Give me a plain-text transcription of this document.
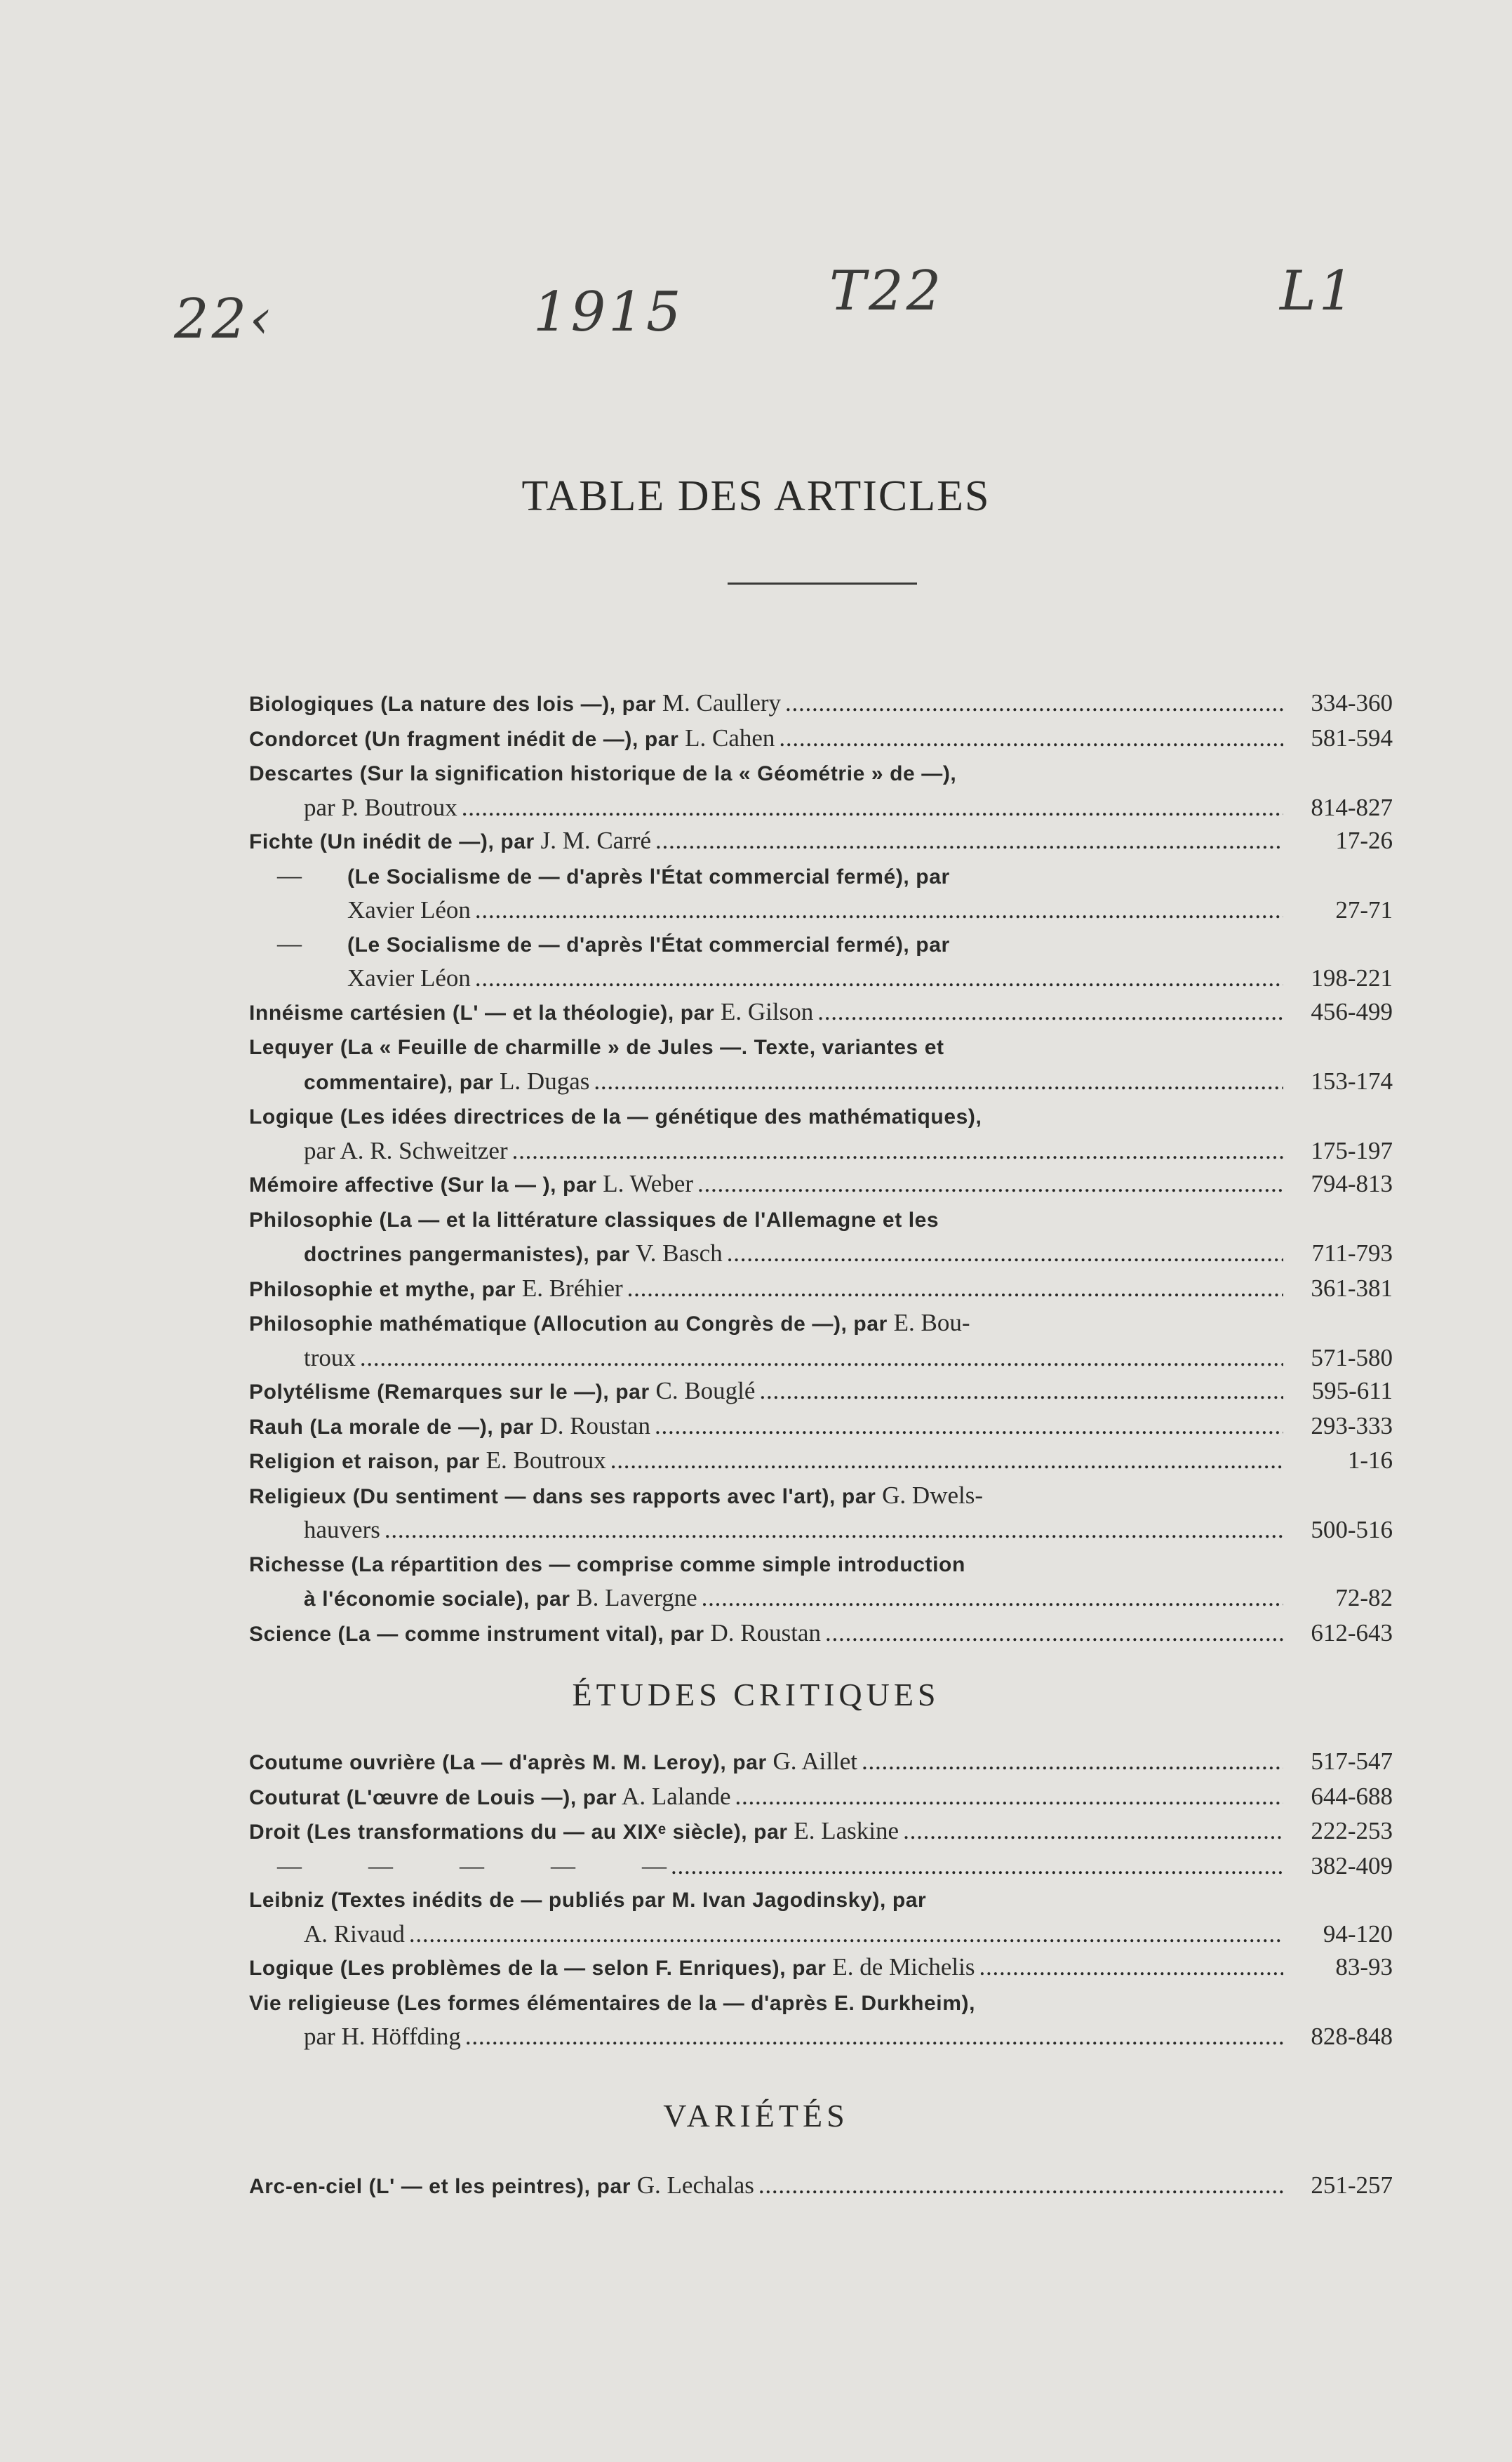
22‹	1915	T22	L1
TABLE DES ARTICLES
Biologiques (La nature des lois —), par M. Caullery . . .	334-360
Condorcet (Un fragment inédit de —), par L. Cahen . . .	581-594
Descartes (Sur la signification historique de la « Géométrie » de —),
par P. Boutroux . . .	814-827
Fichte (Un inédit de —), par J. M. Carré . . .	17-26
— (Le Socialisme de — d'après l'État commercial fermé), par
Xavier Léon . . .	27-71
— (Le Socialisme de — d'après l'État commercial fermé), par
Xavier Léon . . .	198-221
Innéisme cartésien (L' — et la théologie), par E. Gilson . . .	456-499
Lequyer (La « Feuille de charmille » de Jules —. Texte, variantes et
commentaire), par L. Dugas . . .	153-174
Logique (Les idées directrices de la — génétique des mathématiques),
par A. R. Schweitzer . . .	175-197
Mémoire affective (Sur la — ), par L. Weber . . .	794-813
Philosophie (La — et la littérature classiques de l'Allemagne et les
doctrines pangermanistes), par V. Basch . . .	711-793
Philosophie et mythe, par E. Bréhier . . .	361-381
Philosophie mathématique (Allocution au Congrès de —), par E. Bou-
troux . . .	571-580
Polytélisme (Remarques sur le —), par C. Bouglé . . .	595-611
Rauh (La morale de —), par D. Roustan . . .	293-333
Religion et raison, par E. Boutroux . . .	1-16
Religieux (Du sentiment — dans ses rapports avec l'art), par G. Dwels-
hauvers . . .	500-516
Richesse (La répartition des — comprise comme simple introduction
à l'économie sociale), par B. Lavergne . . .	72-82
Science (La — comme instrument vital), par D. Roustan . . .	612-643
ÉTUDES CRITIQUES
Coutume ouvrière (La — d'après M. M. Leroy), par G. Aillet . . .	517-547
Couturat (L'œuvre de Louis —), par A. Lalande . . .	644-688
Droit (Les transformations du — au XIXᵉ siècle), par E. Laskine . . .	222-253
—	—	—	—	— . . .	382-409
Leibniz (Textes inédits de — publiés par M. Ivan Jagodinsky), par
A. Rivaud . . .	94-120
Logique (Les problèmes de la — selon F. Enriques), par E. de Michelis . . .	83-93
Vie religieuse (Les formes élémentaires de la — d'après E. Durkheim),
par H. Höffding . . .	828-848
VARIÉTÉS
Arc-en-ciel (L' — et les peintres), par G. Lechalas . . .	251-257
